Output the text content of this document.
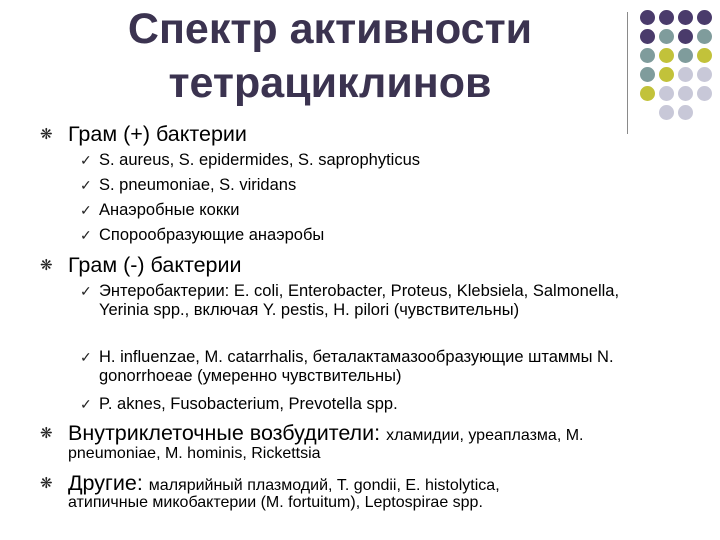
Спектр активности
тетрациклинов
❋ Грам (+) бактерии
✓ S. aureus, S. epidermides, S. saprophyticus
✓ S. pneumoniae, S. viridans
✓ Анаэробные кокки
✓ Спорообразующие анаэробы
❋ Грам (-) бактерии
✓ Энтеробактерии: E. coli, Enterobacter, Proteus, Klebsiela, Salmonella, Yerinia spp., включая Y. pestis, H. pilori (чувствительны)
✓ H. influenzae, M. catarrhalis, беталактамазообразующие штаммы N. gonorrhoeae (умеренно чувствительны)
✓ P. aknes, Fusobacterium, Prevotella spp.
❋ Внутриклеточные возбудители: хламидии, уреаплазма, M.
pneumoniae, M. hominis, Rickettsia
❋ Другие: малярийный плазмодий, T. gondii, E. histolytica,
атипичные микобактерии (M. fortuitum), Leptospirae spp.
